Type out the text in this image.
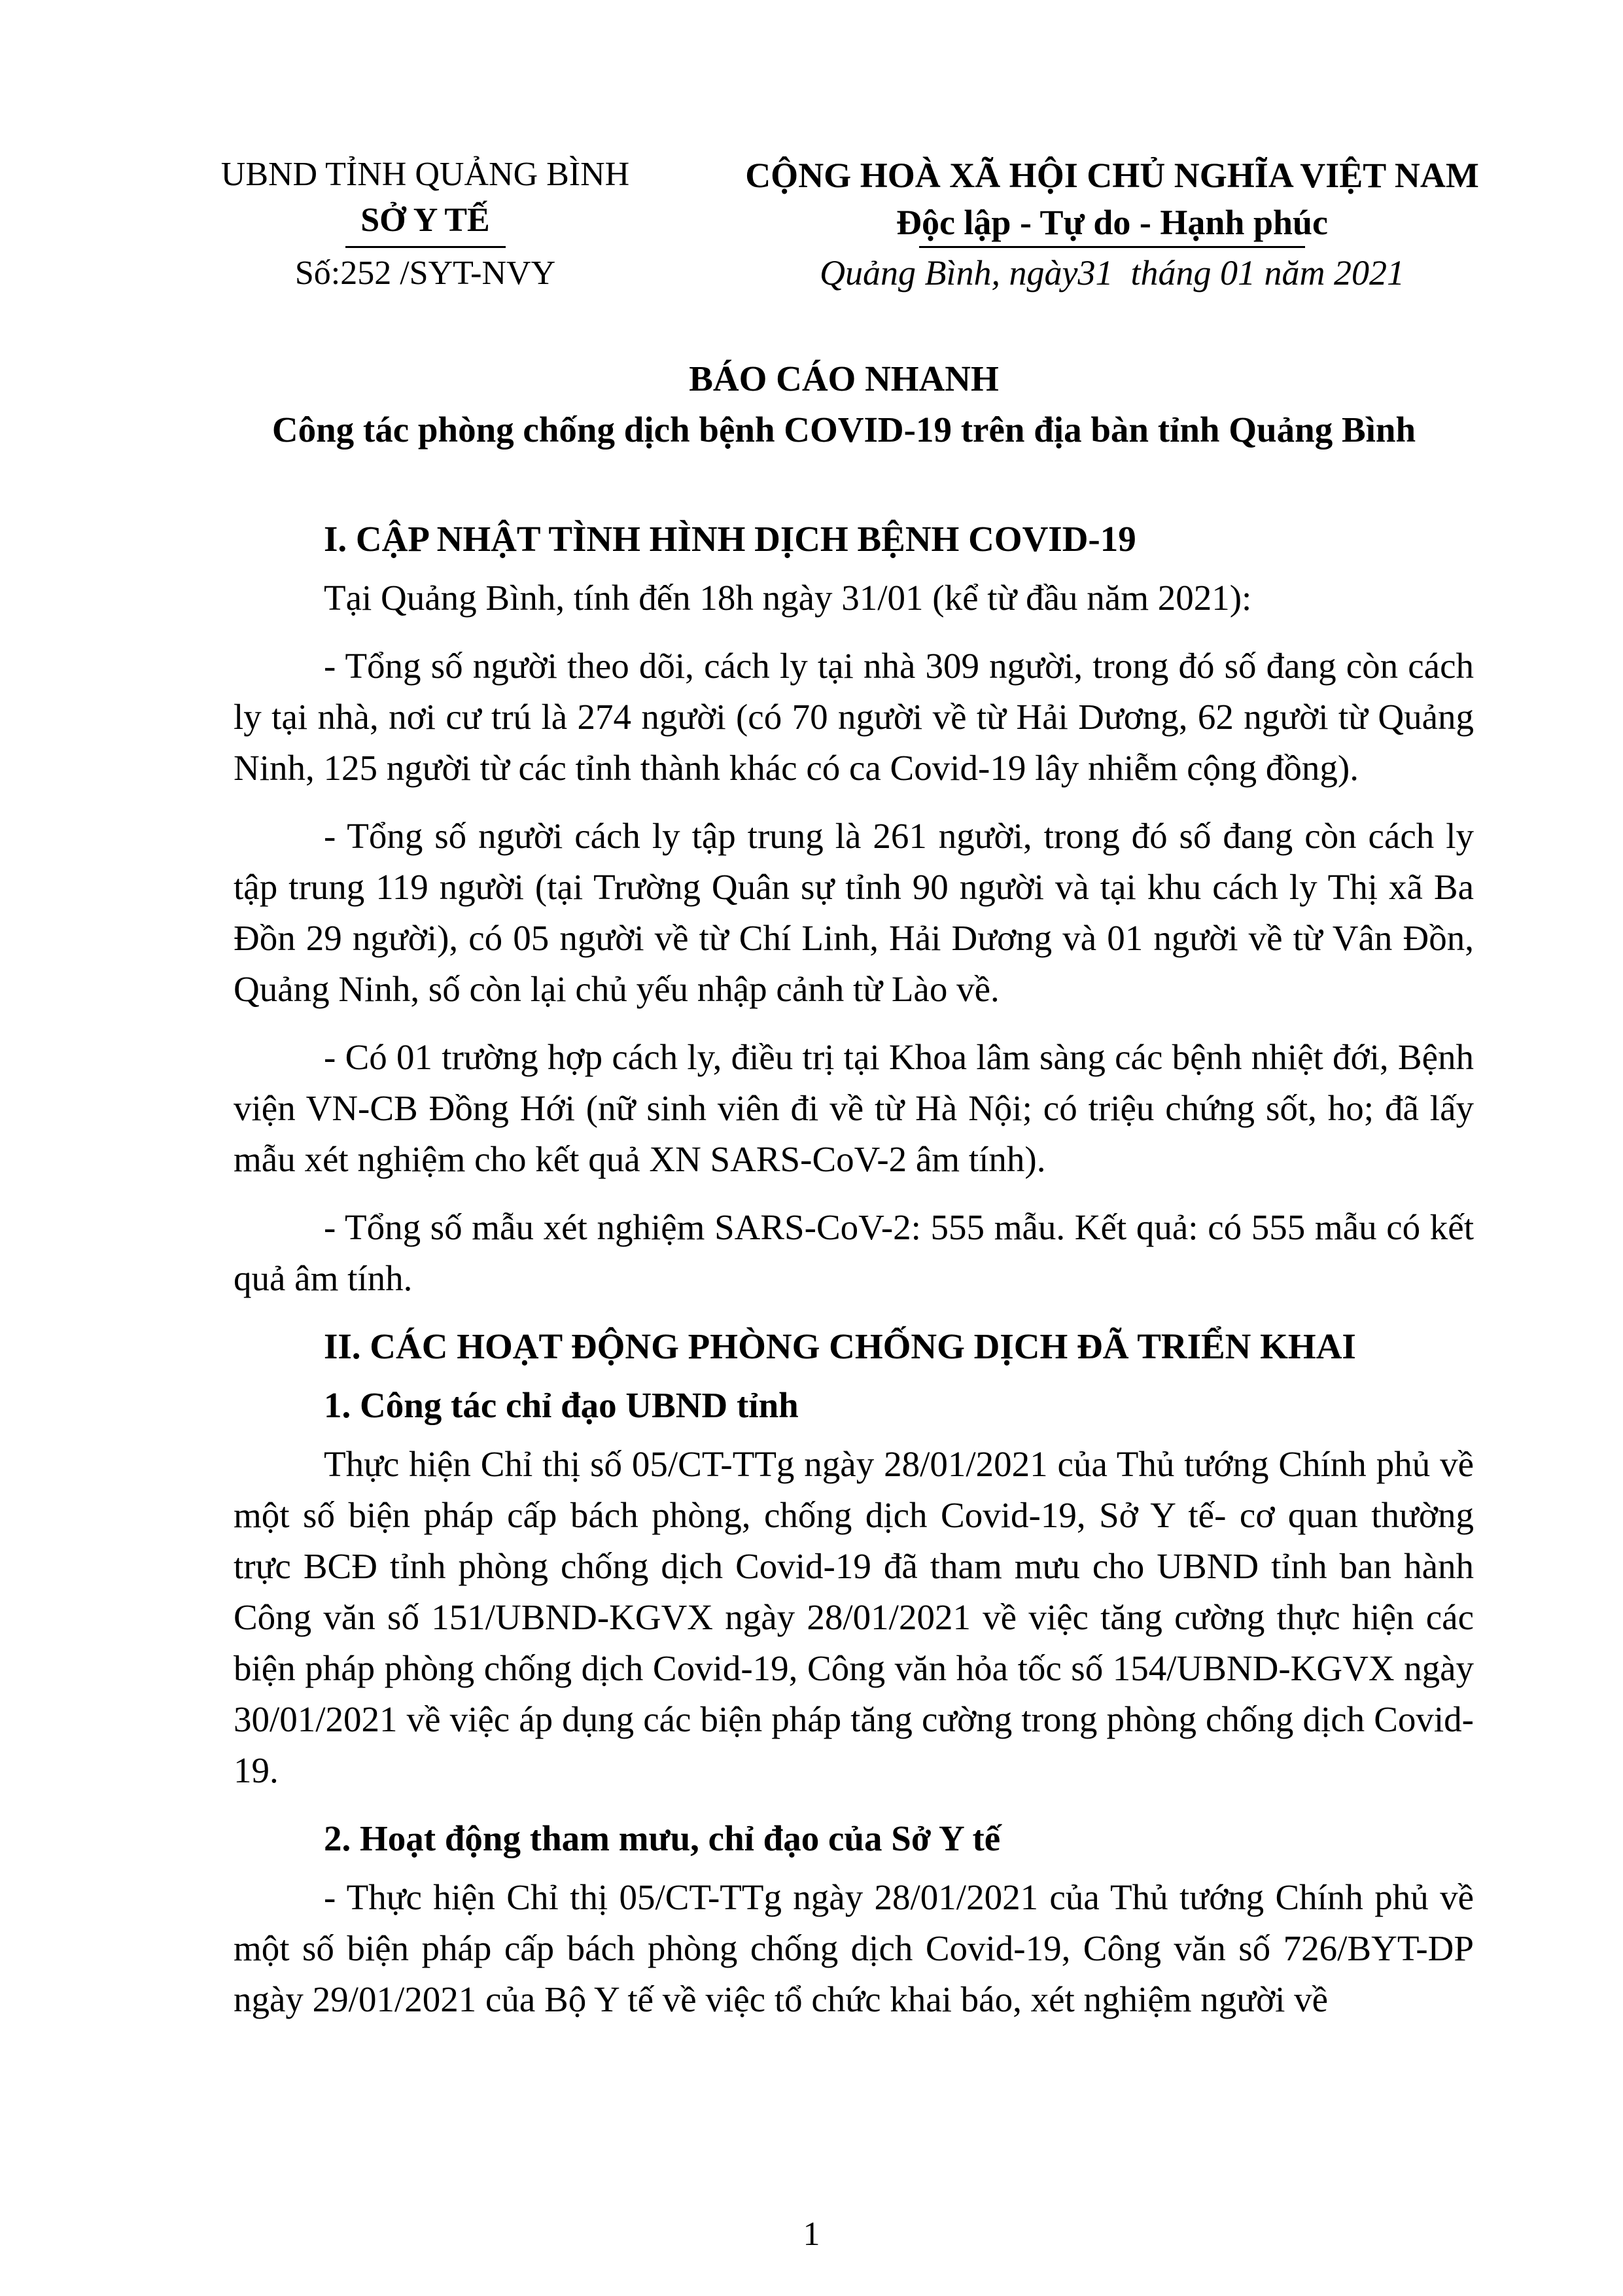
UBND TỈNH QUẢNG BÌNH
SỞ Y TẾ
Số:252 /SYT-NVY
CỘNG HOÀ XÃ HỘI CHỦ NGHĨA VIỆT NAM
Độc lập - Tự do - Hạnh phúc
Quảng Bình, ngày31 tháng 01 năm 2021
BÁO CÁO NHANH
Công tác phòng chống dịch bệnh COVID-19 trên địa bàn tỉnh Quảng Bình

I. CẬP NHẬT TÌNH HÌNH DỊCH BỆNH COVID-19

Tại Quảng Bình, tính đến 18h ngày 31/01 (kể từ đầu năm 2021):

- Tổng số người theo dõi, cách ly tại nhà 309 người, trong đó số đang còn cách ly tại nhà, nơi cư trú là 274 người (có 70 người về từ Hải Dương, 62 người từ Quảng Ninh, 125 người từ các tỉnh thành khác có ca Covid-19 lây nhiễm cộng đồng).

- Tổng số người cách ly tập trung là 261 người, trong đó số đang còn cách ly tập trung 119 người (tại Trường Quân sự tỉnh 90 người và tại khu cách ly Thị xã Ba Đồn 29 người), có 05 người về từ Chí Linh, Hải Dương và 01 người về từ Vân Đồn, Quảng Ninh, số còn lại chủ yếu nhập cảnh từ Lào về.

- Có 01 trường hợp cách ly, điều trị tại Khoa lâm sàng các bệnh nhiệt đới, Bệnh viện VN-CB Đồng Hới (nữ sinh viên đi về từ Hà Nội; có triệu chứng sốt, ho; đã lấy mẫu xét nghiệm cho kết quả XN SARS-CoV-2 âm tính).

- Tổng số mẫu xét nghiệm SARS-CoV-2: 555 mẫu. Kết quả: có 555 mẫu có kết quả âm tính.

II. CÁC HOẠT ĐỘNG PHÒNG CHỐNG DỊCH ĐÃ TRIỂN KHAI

1. Công tác chỉ đạo UBND tỉnh

Thực hiện Chỉ thị số 05/CT-TTg ngày 28/01/2021 của Thủ tướng Chính phủ về một số biện pháp cấp bách phòng, chống dịch Covid-19, Sở Y tế- cơ quan thường trực BCĐ tỉnh phòng chống dịch Covid-19 đã tham mưu cho UBND tỉnh ban hành Công văn số 151/UBND-KGVX ngày 28/01/2021 về việc tăng cường thực hiện các biện pháp phòng chống dịch Covid-19, Công văn hỏa tốc số 154/UBND-KGVX ngày 30/01/2021 về việc áp dụng các biện pháp tăng cường trong phòng chống dịch Covid-19.

2. Hoạt động tham mưu, chỉ đạo của Sở Y tế

- Thực hiện Chỉ thị 05/CT-TTg ngày 28/01/2021 của Thủ tướng Chính phủ về một số biện pháp cấp bách phòng chống dịch Covid-19, Công văn số 726/BYT-DP ngày 29/01/2021 của Bộ Y tế về việc tổ chức khai báo, xét nghiệm người về

1
